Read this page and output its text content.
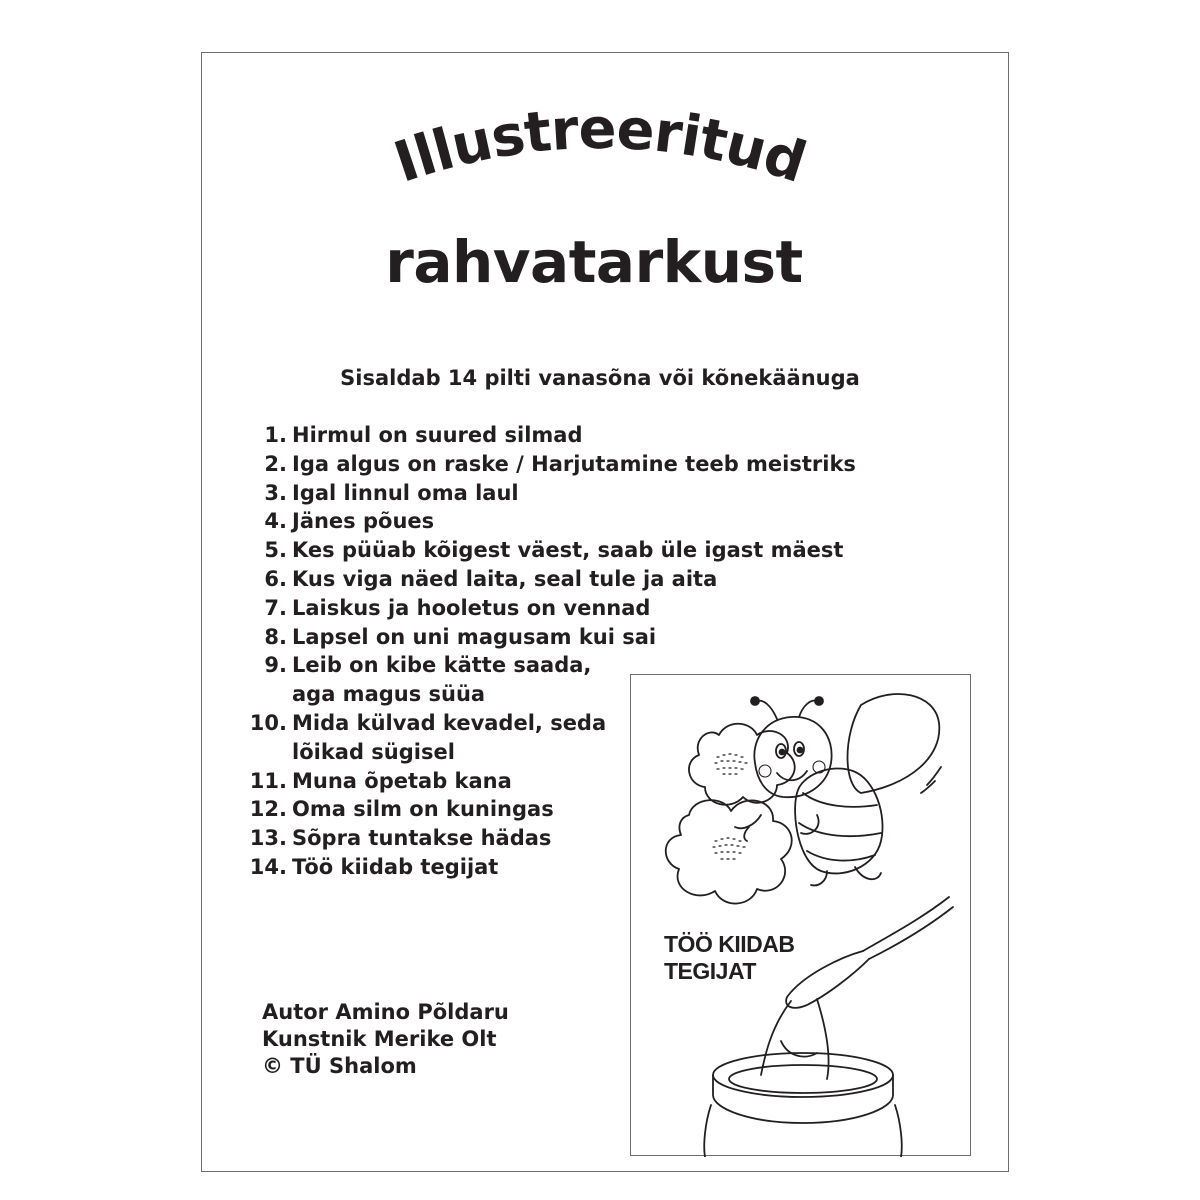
Illustreeritud
rahvatarkust
Sisaldab 14 pilti vanasõna või kõnekäänuga
1. Hirmul on suured silmad
2. Iga algus on raske / Harjutamine teeb meistriks
3. Igal linnul oma laul
4. Jänes põues
5. Kes püüab kõigest väest, saab üle igast mäest
6. Kus viga näed laita, seal tule ja aita
7. Laiskus ja hooletus on vennad
8. Lapsel on uni magusam kui sai
9. Leib on kibe kätte saada,
aga magus süüa
10. Mida külvad kevadel, seda
lõikad sügisel
11. Muna õpetab kana
12. Oma silm on kuningas
13. Sõpra tuntakse hädas
14. Töö kiidab tegijat
Autor Amino Põldaru
Kunstnik Merike Olt
© TÜ Shalom
TÖÖ KIIDAB
TEGIJAT
